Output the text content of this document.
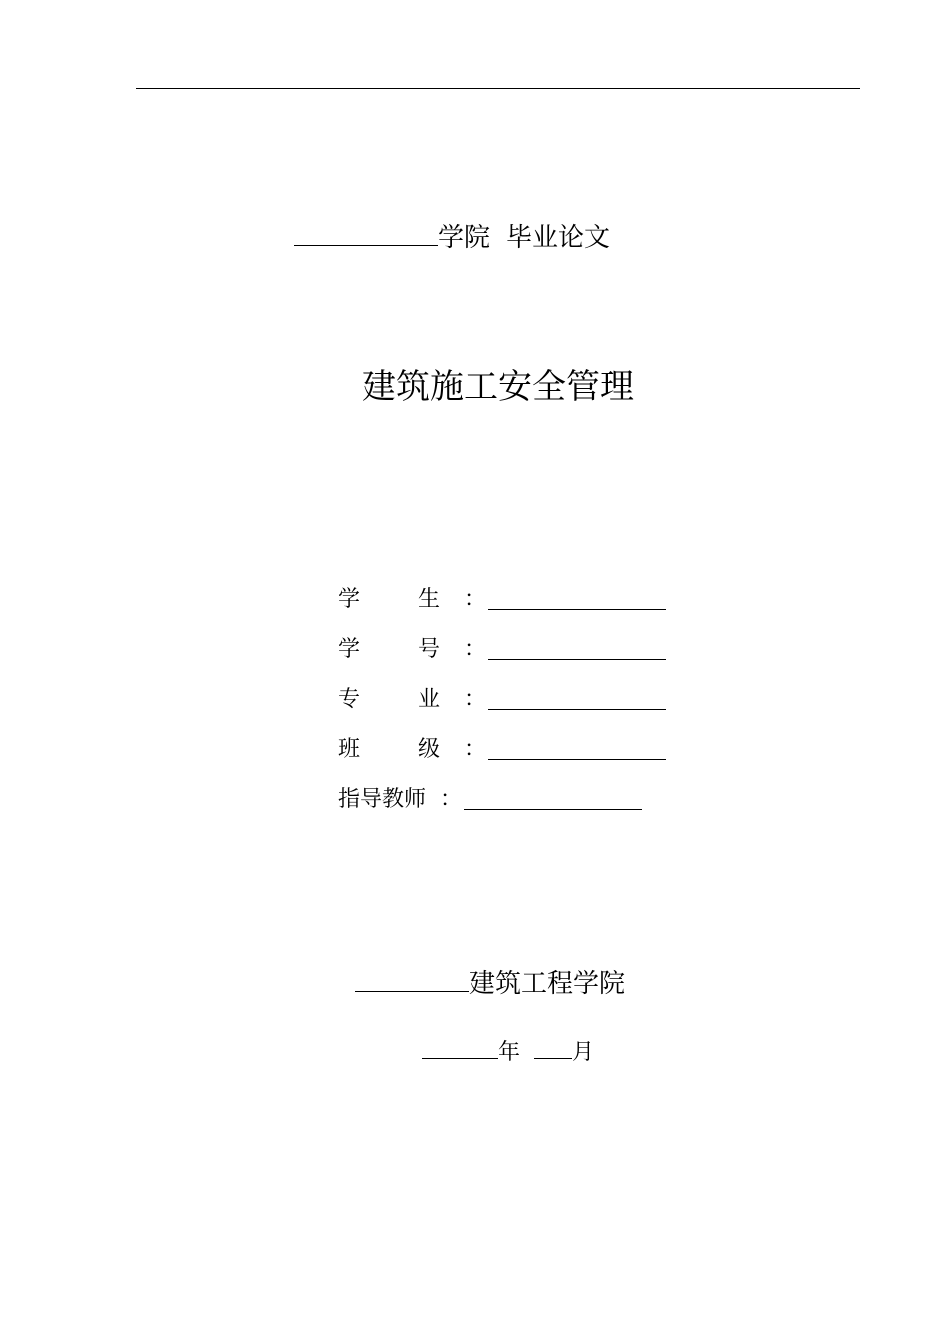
学院 毕业论文
建筑施工安全管理
学	生 ：
学	号 ：
专	业 ：
班	级 ：
指导教师 ：
建筑工程学院
年 月
